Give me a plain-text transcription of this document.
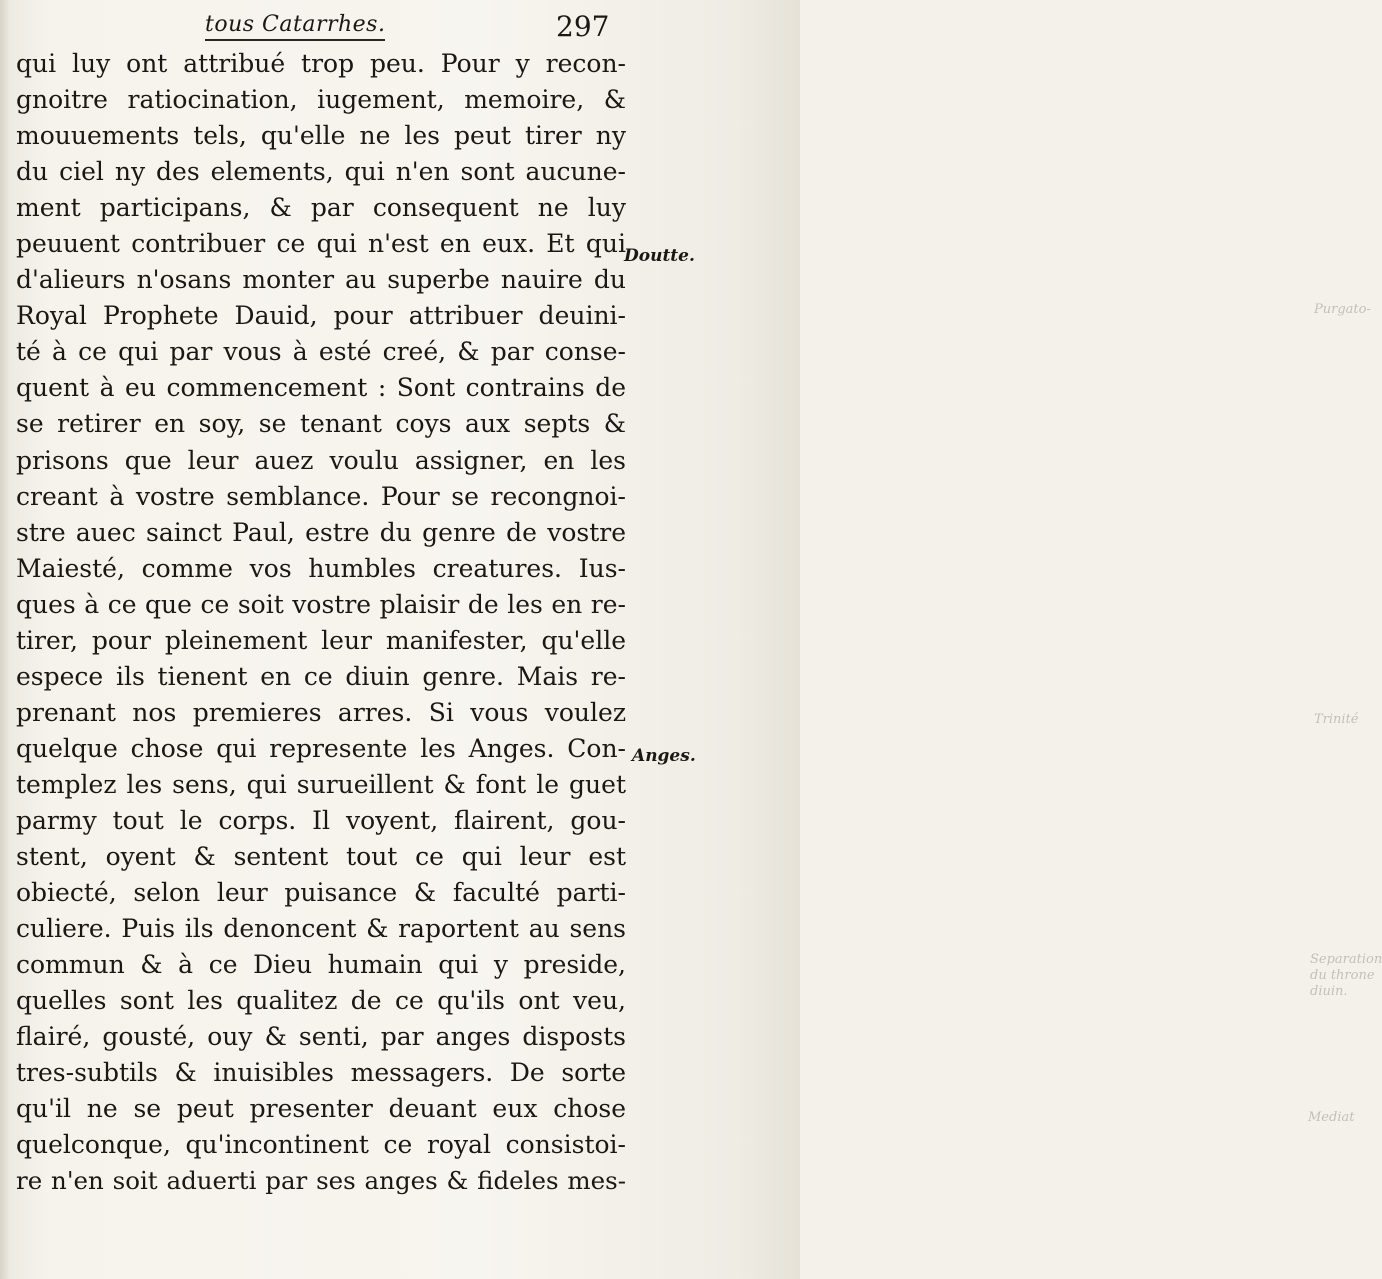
tous Catarrhes.	297
qui luy ont attribué trop peu. Pour y recon-
gnoitre ratiocination, iugement, memoire, &
mouuements tels, qu'elle ne les peut tirer ny
du ciel ny des elements, qui n'en sont aucune-
ment participans, & par consequent ne luy
peuuent contribuer ce qui n'est en eux. Et qui
d'alieurs n'osans monter au superbe nauire du
Royal Prophete Dauid, pour attribuer deuini-
té à ce qui par vous à esté creé, & par conse-
quent à eu commencement : Sont contrains de
se retirer en soy, se tenant coys aux septs &
prisons que leur auez voulu assigner, en les
creant à vostre semblance. Pour se recongnoi-
stre auec sainct Paul, estre du genre de vostre
Maiesté, comme vos humbles creatures. Ius-
ques à ce que ce soit vostre plaisir de les en re-
tirer, pour pleinement leur manifester, qu'elle
espece ils tienent en ce diuin genre. Mais re-
prenant nos premieres arres. Si vous voulez
quelque chose qui represente les Anges. Con-
templez les sens, qui surueillent & font le guet
parmy tout le corps. Il voyent, flairent, gou-
stent, oyent & sentent tout ce qui leur est
obiecté, selon leur puisance & faculté parti-
culiere. Puis ils denoncent & raportent au sens
commun & à ce Dieu humain qui y preside,
quelles sont les qualitez de ce qu'ils ont veu,
flairé, gousté, ouy & senti, par anges disposts
tres-subtils & inuisibles messagers. De sorte
qu'il ne se peut presenter deuant eux chose
quelconque, qu'incontinent ce royal consistoi-
re n'en soit aduerti par ses anges & fideles mes-
Doutte.
Anges.
Purgato-
Trinité
Separation du throne diuin.
Mediat
